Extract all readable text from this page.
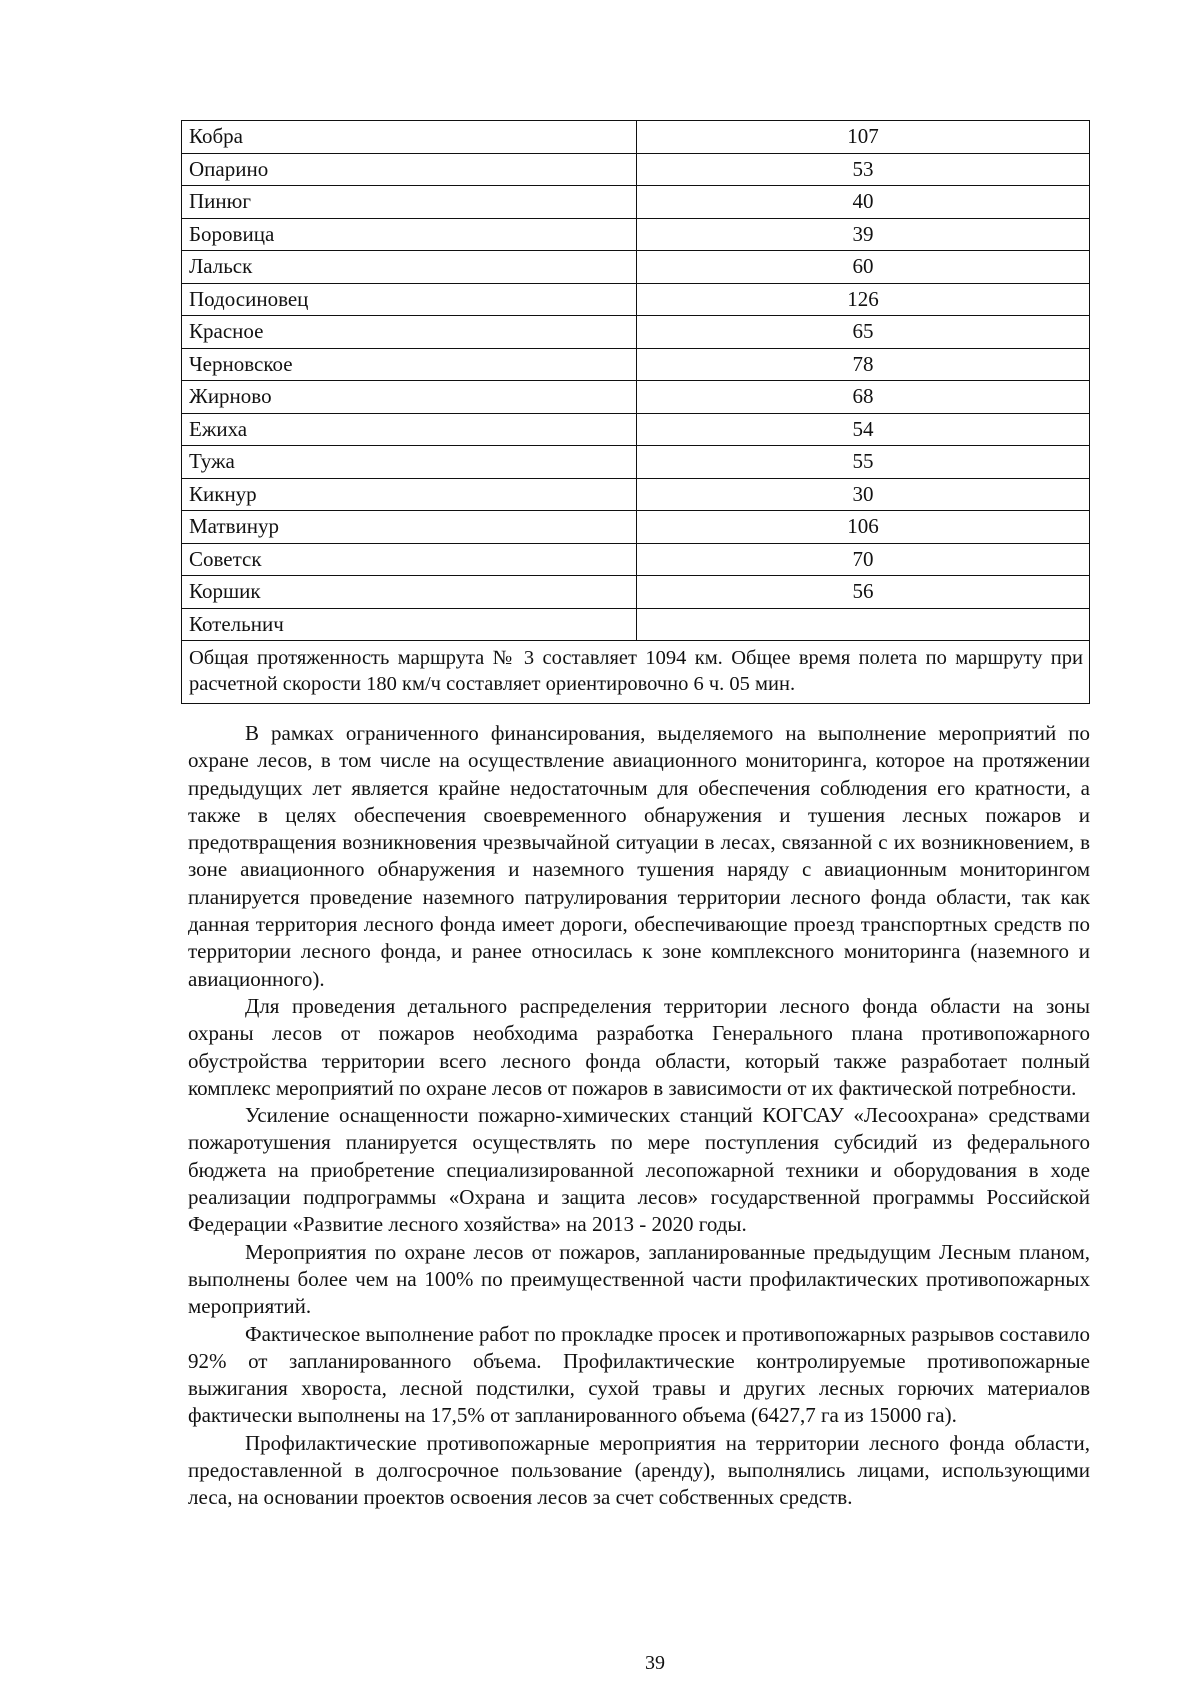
Кобра	107
Опарино	53
Пинюг	40
Боровица	39
Лальск	60
Подосиновец	126
Красное	65
Черновское	78
Жирново	68
Ежиха	54
Тужа	55
Кикнур	30
Матвинур	106
Советск	70
Коршик	56
Котельнич
Общая протяженность маршрута № 3 составляет 1094 км. Общее время полета по маршруту при расчетной скорости 180 км/ч составляет ориентировочно 6 ч. 05 мин.

В рамках ограниченного финансирования, выделяемого на выполнение мероприятий по охране лесов, в том числе на осуществление авиационного мониторинга, которое на протяжении предыдущих лет является крайне недостаточным для обеспечения соблюдения его кратности, а также в целях обеспечения своевременного обнаружения и тушения лесных пожаров и предотвращения возникновения чрезвычайной ситуации в лесах, связанной с их возникновением, в зоне авиационного обнаружения и наземного тушения наряду с авиационным мониторингом планируется проведение наземного патрулирования территории лесного фонда области, так как данная территория лесного фонда имеет дороги, обеспечивающие проезд транспортных средств по территории лесного фонда, и ранее относилась к зоне комплексного мониторинга (наземного и авиационного).

Для проведения детального распределения территории лесного фонда области на зоны охраны лесов от пожаров необходима разработка Генерального плана противопожарного обустройства территории всего лесного фонда области, который также разработает полный комплекс мероприятий по охране лесов от пожаров в зависимости от их фактической потребности.

Усиление оснащенности пожарно-химических станций КОГСАУ «Лесоохрана» средствами пожаротушения планируется осуществлять по мере поступления субсидий из федерального бюджета на приобретение специализированной лесопожарной техники и оборудования в ходе реализации подпрограммы «Охрана и защита лесов» государственной программы Российской Федерации «Развитие лесного хозяйства» на 2013 - 2020 годы.

Мероприятия по охране лесов от пожаров, запланированные предыдущим Лесным планом, выполнены более чем на 100% по преимущественной части профилактических противопожарных мероприятий.

Фактическое выполнение работ по прокладке просек и противопожарных разрывов составило 92% от запланированного объема. Профилактические контролируемые противопожарные выжигания хвороста, лесной подстилки, сухой травы и других лесных горючих материалов фактически выполнены на 17,5% от запланированного объема (6427,7 га из 15000 га).

Профилактические противопожарные мероприятия на территории лесного фонда области, предоставленной в долгосрочное пользование (аренду), выполнялись лицами, использующими леса, на основании проектов освоения лесов за счет собственных средств.

39
